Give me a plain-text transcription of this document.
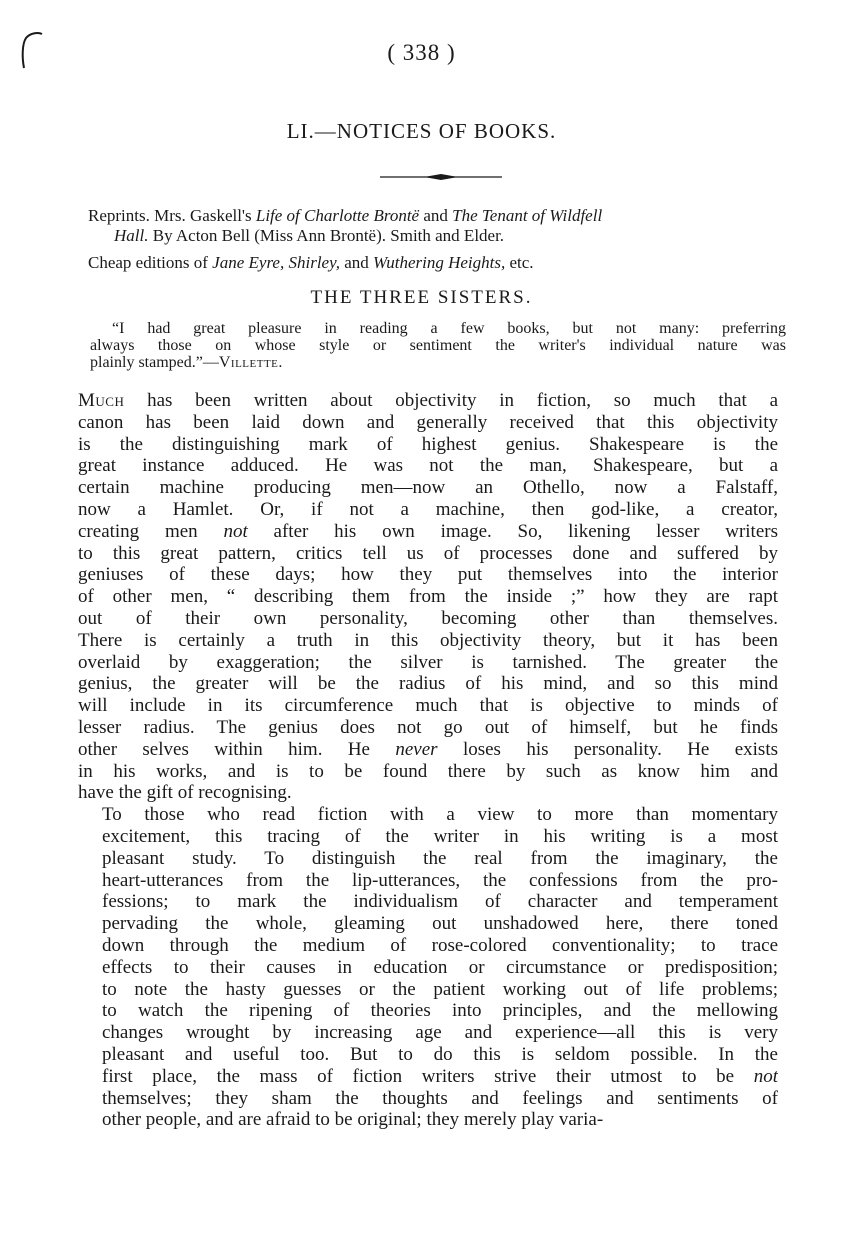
( 338 )
LI.—NOTICES OF BOOKS.
Reprints. Mrs. Gaskell's Life of Charlotte Brontë and The Tenant of Wildfell
Hall. By Acton Bell (Miss Ann Brontë). Smith and Elder.
Cheap editions of Jane Eyre, Shirley, and Wuthering Heights, etc.
THE THREE SISTERS.
“I had great pleasure in reading a few books, but not many: preferring
always those on whose style or sentiment the writer's individual nature was
plainly stamped.”—Villette.

Much has been written about objectivity in fiction, so much that a
canon has been laid down and generally received that this objectivity
is the distinguishing mark of highest genius. Shakespeare is the
great instance adduced. He was not the man, Shakespeare, but a
certain machine producing men—now an Othello, now a Falstaff,
now a Hamlet. Or, if not a machine, then god-like, a creator,
creating men not after his own image. So, likening lesser writers
to this great pattern, critics tell us of processes done and suffered by
geniuses of these days; how they put themselves into the interior
of other men, “ describing them from the inside ;” how they are rapt
out of their own personality, becoming other than themselves.
There is certainly a truth in this objectivity theory, but it has been
overlaid by exaggeration; the silver is tarnished. The greater the
genius, the greater will be the radius of his mind, and so this mind
will include in its circumference much that is objective to minds of
lesser radius. The genius does not go out of himself, but he finds
other selves within him. He never loses his personality. He exists
in his works, and is to be found there by such as know him and
have the gift of recognising.

To those who read fiction with a view to more than momentary
excitement, this tracing of the writer in his writing is a most
pleasant study. To distinguish the real from the imaginary, the
heart-utterances from the lip-utterances, the confessions from the pro-
fessions; to mark the individualism of character and temperament
pervading the whole, gleaming out unshadowed here, there toned
down through the medium of rose-colored conventionality; to trace
effects to their causes in education or circumstance or predisposition;
to note the hasty guesses or the patient working out of life problems;
to watch the ripening of theories into principles, and the mellowing
changes wrought by increasing age and experience—all this is very
pleasant and useful too. But to do this is seldom possible. In the
first place, the mass of fiction writers strive their utmost to be not
themselves; they sham the thoughts and feelings and sentiments of
other people, and are afraid to be original; they merely play varia-
